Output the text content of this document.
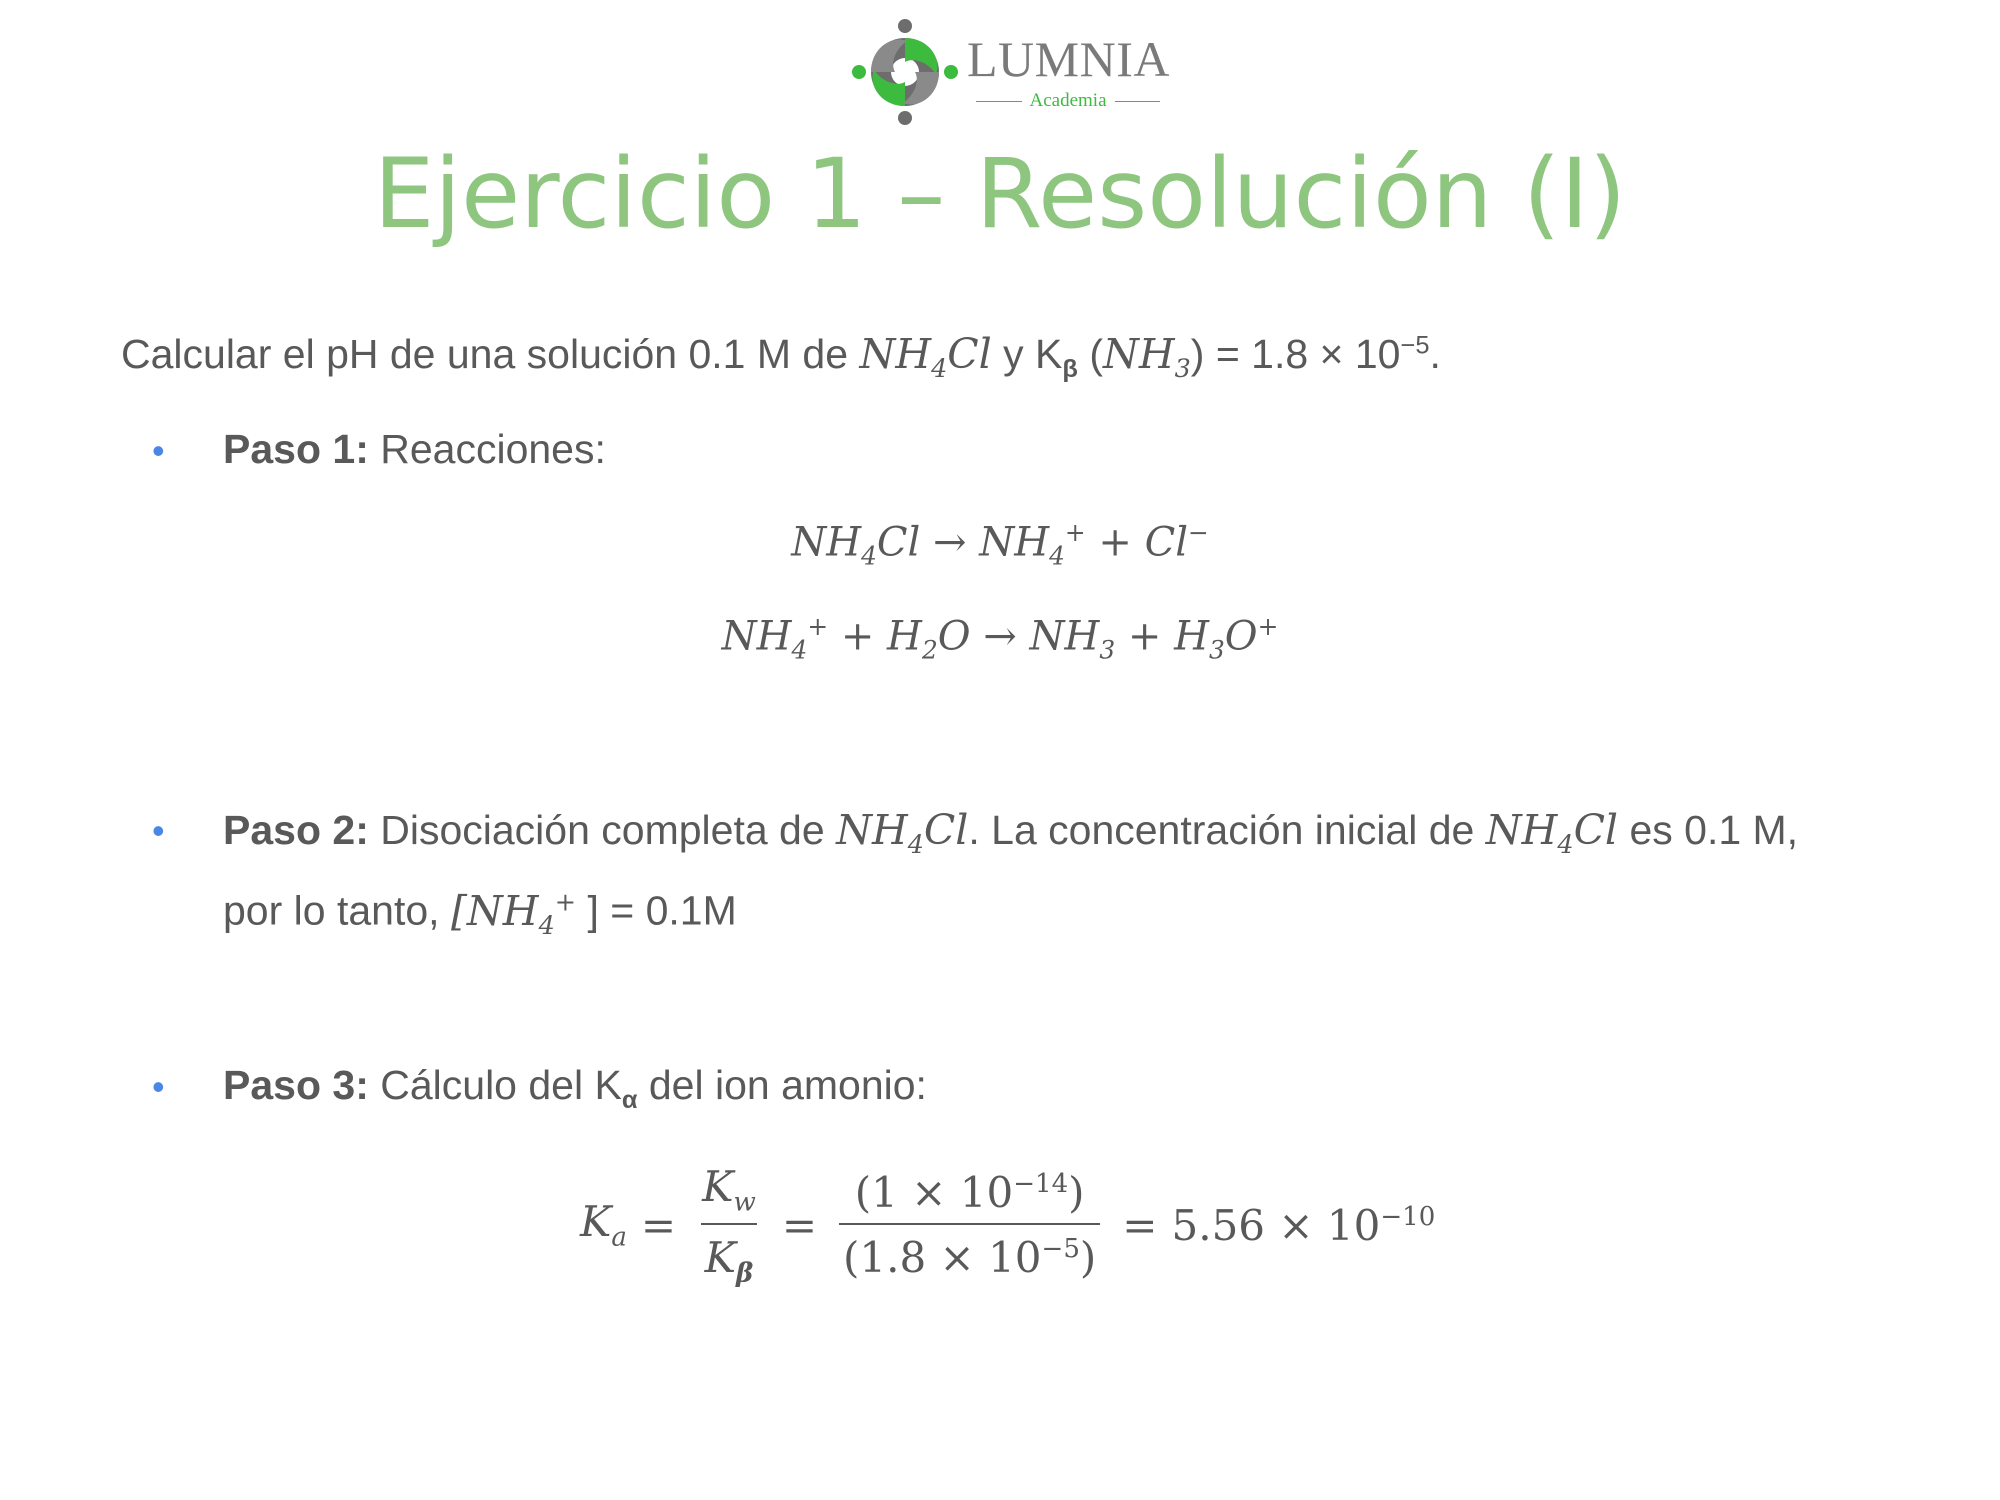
LUMNIA
Academia
Ejercicio 1 – Resolución (I)
Calcular el pH de una solución 0.1 M de $NH_4Cl$ y $K_\beta$ $(NH_3) = 1.8 \times 10^{-5}$.
• Paso 1: Reacciones:
$NH_4Cl \to NH_4^+ + Cl^-$
$NH_4^+ + H_2O \to NH_3 + H_3O^+$
• Paso 2: Disociación completa de $NH_4Cl$. La concentración inicial de $NH_4Cl$ es 0.1 M,
por lo tanto, [$NH_4^+$ ] = 0.1M
• Paso 3: Cálculo del $K_\alpha$ del ion amonio:
$K_a = \frac{K_w}{K_\beta} = \frac{(1 \times 10^{-14})}{(1.8 \times 10^{-5})} = 5.56 \times 10^{-10}$
